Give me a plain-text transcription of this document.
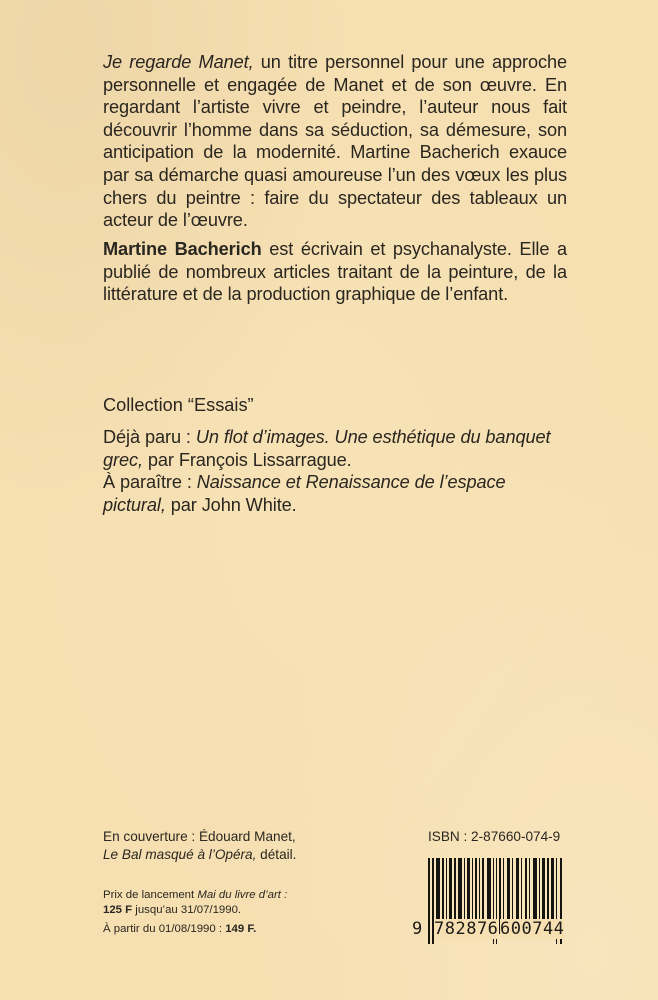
Je regarde Manet, un titre personnel pour une approche personnelle et engagée de Manet et de son œuvre. En regardant l’artiste vivre et peindre, l’auteur nous fait découvrir l’homme dans sa séduction, sa démesure, son anticipation de la modernité. Martine Bacherich exauce par sa démarche quasi amoureuse l’un des vœux les plus chers du peintre : faire du spectateur des tableaux un acteur de l’œuvre.

Martine Bacherich est écrivain et psychanalyste. Elle a publié de nombreux articles traitant de la peinture, de la littérature et de la production graphique de l’enfant.

Collection “Essais”

Déjà paru : Un flot d’images. Une esthétique du banquet grec, par François Lissarrague.
À paraître : Naissance et Renaissance de l’espace pictural, par John White.

En couverture : Édouard Manet,
Le Bal masqué à l’Opéra, détail.
Prix de lancement Mai du livre d’art :
125 F jusqu’au 31/07/1990.
À partir du 01/08/1990 : 149 F.
ISBN : 2-87660-074-9
9 782876 600744
